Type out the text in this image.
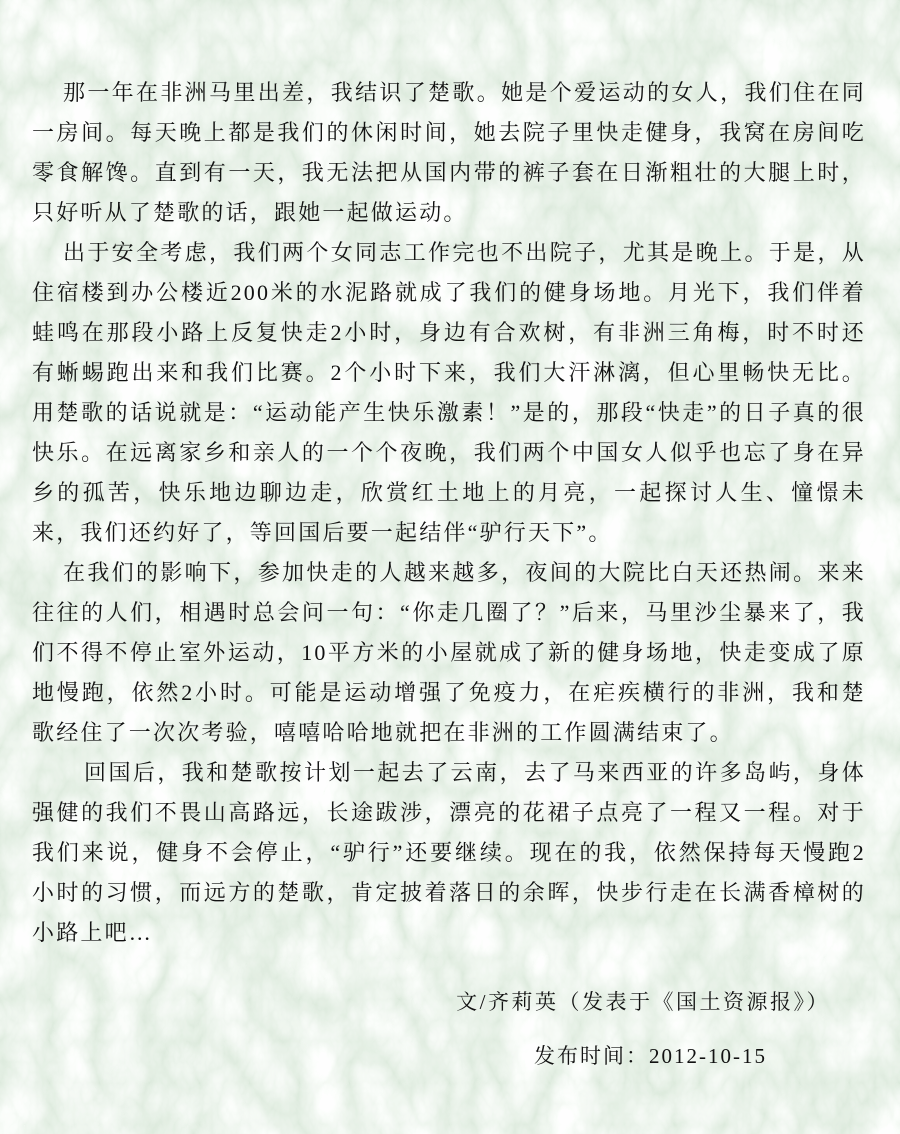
那一年在非洲马里出差，我结识了楚歌。她是个爱运动的女人，我们住在同一房间。每天晚上都是我们的休闲时间，她去院子里快走健身，我窝在房间吃零食解馋。直到有一天，我无法把从国内带的裤子套在日渐粗壮的大腿上时，只好听从了楚歌的话，跟她一起做运动。

出于安全考虑，我们两个女同志工作完也不出院子，尤其是晚上。于是，从住宿楼到办公楼近200米的水泥路就成了我们的健身场地。月光下，我们伴着蛙鸣在那段小路上反复快走2小时，身边有合欢树，有非洲三角梅，时不时还有蜥蜴跑出来和我们比赛。2个小时下来，我们大汗淋漓，但心里畅快无比。用楚歌的话说就是：“运动能产生快乐激素！”是的，那段“快走”的日子真的很快乐。在远离家乡和亲人的一个个夜晚，我们两个中国女人似乎也忘了身在异乡的孤苦，快乐地边聊边走，欣赏红土地上的月亮，一起探讨人生、憧憬未来，我们还约好了，等回国后要一起结伴“驴行天下”。

在我们的影响下，参加快走的人越来越多，夜间的大院比白天还热闹。来来往往的人们，相遇时总会问一句：“你走几圈了？”后来，马里沙尘暴来了，我们不得不停止室外运动，10平方米的小屋就成了新的健身场地，快走变成了原地慢跑，依然2小时。可能是运动增强了免疫力，在疟疾横行的非洲，我和楚歌经住了一次次考验，嘻嘻哈哈地就把在非洲的工作圆满结束了。

回国后，我和楚歌按计划一起去了云南，去了马来西亚的许多岛屿，身体强健的我们不畏山高路远，长途跋涉，漂亮的花裙子点亮了一程又一程。对于我们来说，健身不会停止，“驴行”还要继续。现在的我，依然保持每天慢跑2小时的习惯，而远方的楚歌，肯定披着落日的余晖，快步行走在长满香樟树的小路上吧…

文/齐莉英（发表于《国土资源报》）
发布时间：2012-10-15
